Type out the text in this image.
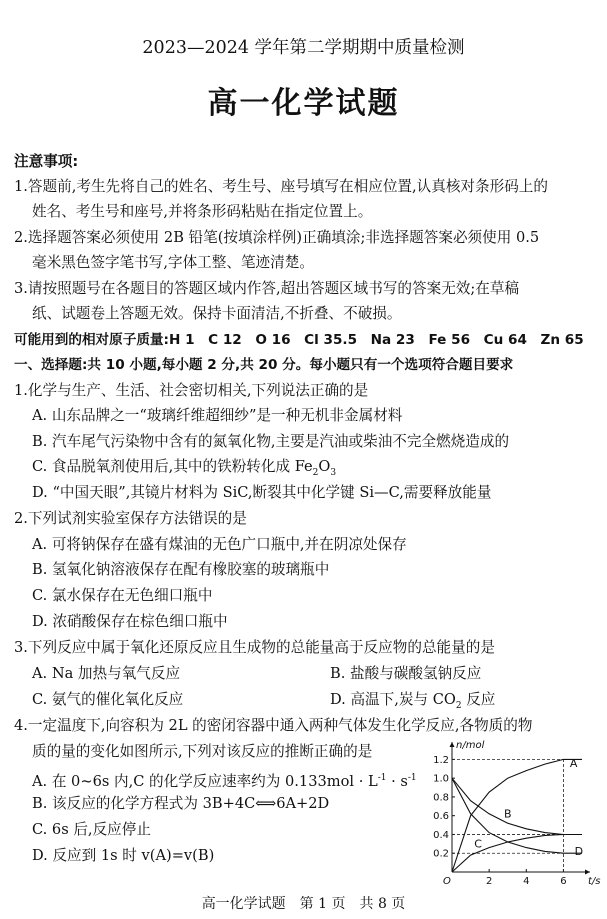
2023—2024 学年第二学期期中质量检测
高一化学试题
注意事项:
1.答题前,考生先将自己的姓名、考生号、座号填写在相应位置,认真核对条形码上的
姓名、考生号和座号,并将条形码粘贴在指定位置上。
2.选择题答案必须使用 2B 铅笔(按填涂样例)正确填涂;非选择题答案必须使用 0.5
毫米黑色签字笔书写,字体工整、笔迹清楚。
3.请按照题号在各题目的答题区域内作答,超出答题区域书写的答案无效;在草稿
纸、试题卷上答题无效。保持卡面清洁,不折叠、不破损。
可能用到的相对原子质量:H 1　C 12　O 16　Cl 35.5　Na 23　Fe 56　Cu 64　Zn 65
一、选择题:共 10 小题,每小题 2 分,共 20 分。每小题只有一个选项符合题目要求
1.化学与生产、生活、社会密切相关,下列说法正确的是
A. 山东品牌之一“玻璃纤维超细纱”是一种无机非金属材料
B. 汽车尾气污染物中含有的氮氧化物,主要是汽油或柴油不完全燃烧造成的
C. 食品脱氧剂使用后,其中的铁粉转化成 $Fe_2O_3$
D. “中国天眼”,其镜片材料为 SiC,断裂其中化学键 Si—C,需要释放能量
2.下列试剂实验室保存方法错误的是
A. 可将钠保存在盛有煤油的无色广口瓶中,并在阴凉处保存
B. 氢氧化钠溶液保存在配有橡胶塞的玻璃瓶中
C. 氯水保存在无色细口瓶中
D. 浓硝酸保存在棕色细口瓶中
3.下列反应中属于氧化还原反应且生成物的总能量高于反应物的总能量的是
A. Na 加热与氧气反应	B. 盐酸与碳酸氢钠反应
C. 氨气的催化氧化反应	D. 高温下,炭与 $CO_2$ 反应
4.一定温度下,向容积为 2L 的密闭容器中通入两种气体发生化学反应,各物质的物
质的量的变化如图所示,下列对该反应的推断正确的是
A. 在 0~6s 内,C 的化学反应速率约为 $0.133mol \cdot L^{-1} \cdot s^{-1}$
B. 该反应的化学方程式为 3B+4C⟺6A+2D
C. 6s 后,反应停止
D. 反应到 1s 时 v(A)=v(B)	0.2
0.4
0.6
0.8
1.0
1.2
2	4	6
A
B
C
D
n/mol
t/s
O
高一化学试题　第 1 页　共 8 页
